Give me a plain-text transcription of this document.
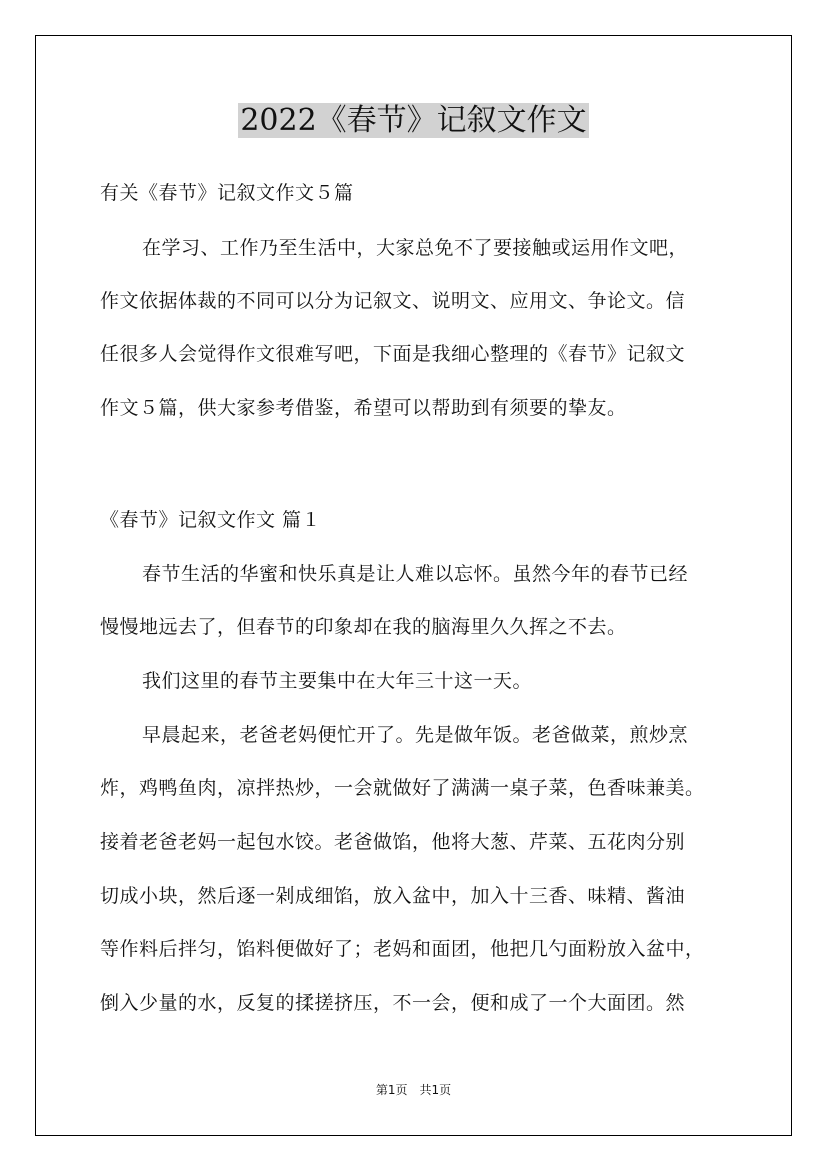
2022《春节》记叙文作文

有关《春节》记叙文作文５篇

在学习、工作乃至生活中，大家总免不了要接触或运用作文吧，

作文依据体裁的不同可以分为记叙文、说明文、应用文、争论文。信

任很多人会觉得作文很难写吧，下面是我细心整理的《春节》记叙文

作文５篇，供大家参考借鉴，希望可以帮助到有须要的挚友。

《春节》记叙文作文 篇１

春节生活的华蜜和快乐真是让人难以忘怀。虽然今年的春节已经

慢慢地远去了，但春节的印象却在我的脑海里久久挥之不去。

我们这里的春节主要集中在大年三十这一天。

早晨起来，老爸老妈便忙开了。先是做年饭。老爸做菜，煎炒烹

炸，鸡鸭鱼肉，凉拌热炒，一会就做好了满满一桌子菜，色香味兼美。

接着老爸老妈一起包水饺。老爸做馅，他将大葱、芹菜、五花肉分别

切成小块，然后逐一剁成细馅，放入盆中，加入十三香、味精、酱油

等作料后拌匀，馅料便做好了；老妈和面团，他把几勺面粉放入盆中，

倒入少量的水，反复的揉搓挤压，不一会，便和成了一个大面团。然

第1页　共1页
